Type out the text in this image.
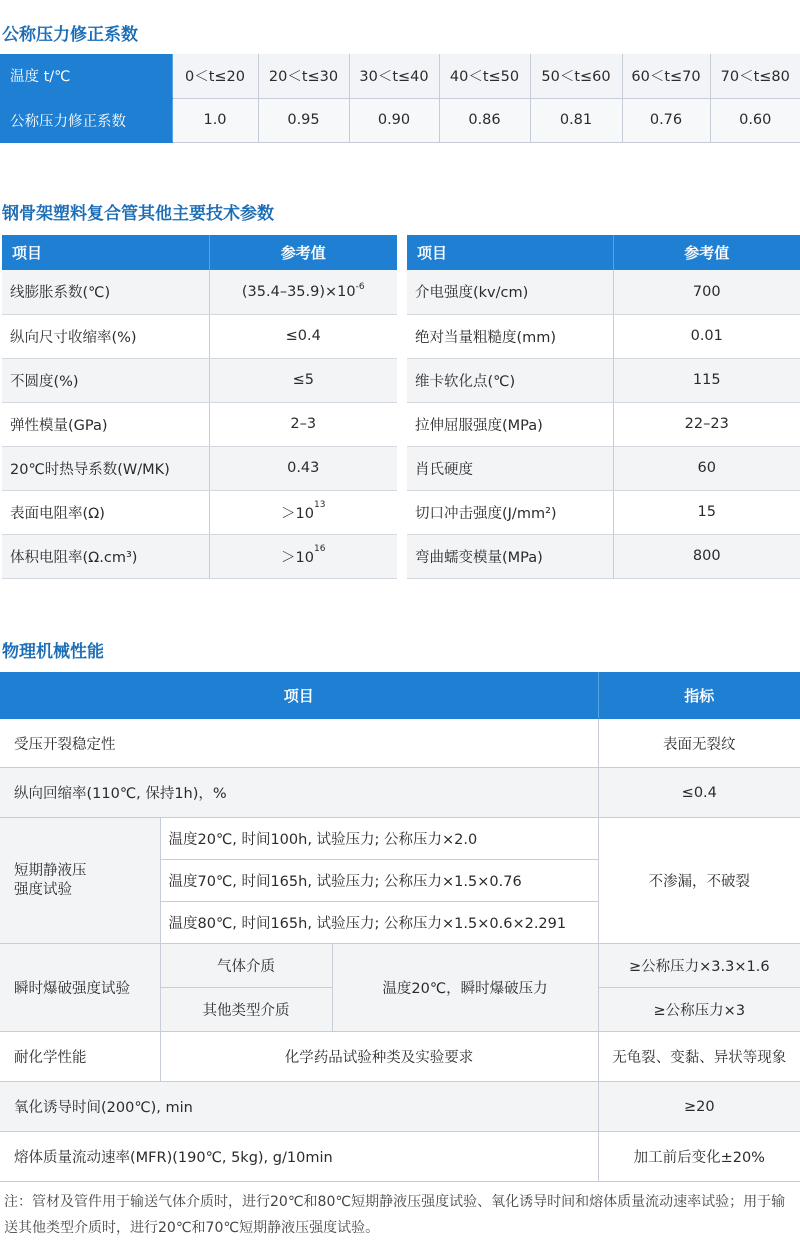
公称压力修正系数
温度 t/℃	0＜t≤20	20＜t≤30	30＜t≤40	40＜t≤50	50＜t≤60	60＜t≤70	70＜t≤80
公称压力修正系数	1.0	0.95	0.90	0.86	0.81	0.76	0.60
钢骨架塑料复合管其他主要技术参数
项目	参考值
线膨胀系数(℃)	$(35.4-35.9)\times 10^{-6}$
纵向尺寸收缩率(%)	≤0.4
不圆度(%)	≤5
弹性模量(GPa)	2–3
20℃时热导系数(W/MK)	0.43
表面电阻率(Ω)	$>10^{13}$
体积电阻率(Ω.cm³)	$>10^{16}$
项目	参考值
介电强度(kv/cm)	700
绝对当量粗糙度(mm)	0.01
维卡软化点(℃)	115
拉伸屈服强度(MPa)	22–23
肖氏硬度	60
切口冲击强度(J/mm²)	15
弯曲蠕变模量(MPa)	800
物理机械性能
项目			指标
受压开裂稳定性			表面无裂纹
纵向回缩率(110℃, 保持1h)，%			≤0.4
短期静液压
强度试验	温度20℃, 时间100h, 试验压力; 公称压力×2.0		不渗漏，不破裂
	温度70℃, 时间165h, 试验压力; 公称压力×1.5×0.76		
	温度80℃, 时间165h, 试验压力; 公称压力×1.5×0.6×2.291		
瞬时爆破强度试验	气体介质	温度20℃，瞬时爆破压力	≥公称压力×3.3×1.6
	其他类型介质		≥公称压力×3
耐化学性能	化学药品试验种类及实验要求		无龟裂、变黏、异状等现象
氧化诱导时间(200℃), min			≥20
熔体质量流动速率(MFR)(190℃, 5kg), g/10min			加工前后变化±20%
注：管材及管件用于输送气体介质时，进行20℃和80℃短期静液压强度试验、氧化诱导时间和熔体质量流动速率试验；用于输送其他类型介质时，进行20℃和70℃短期静液压强度试验。
